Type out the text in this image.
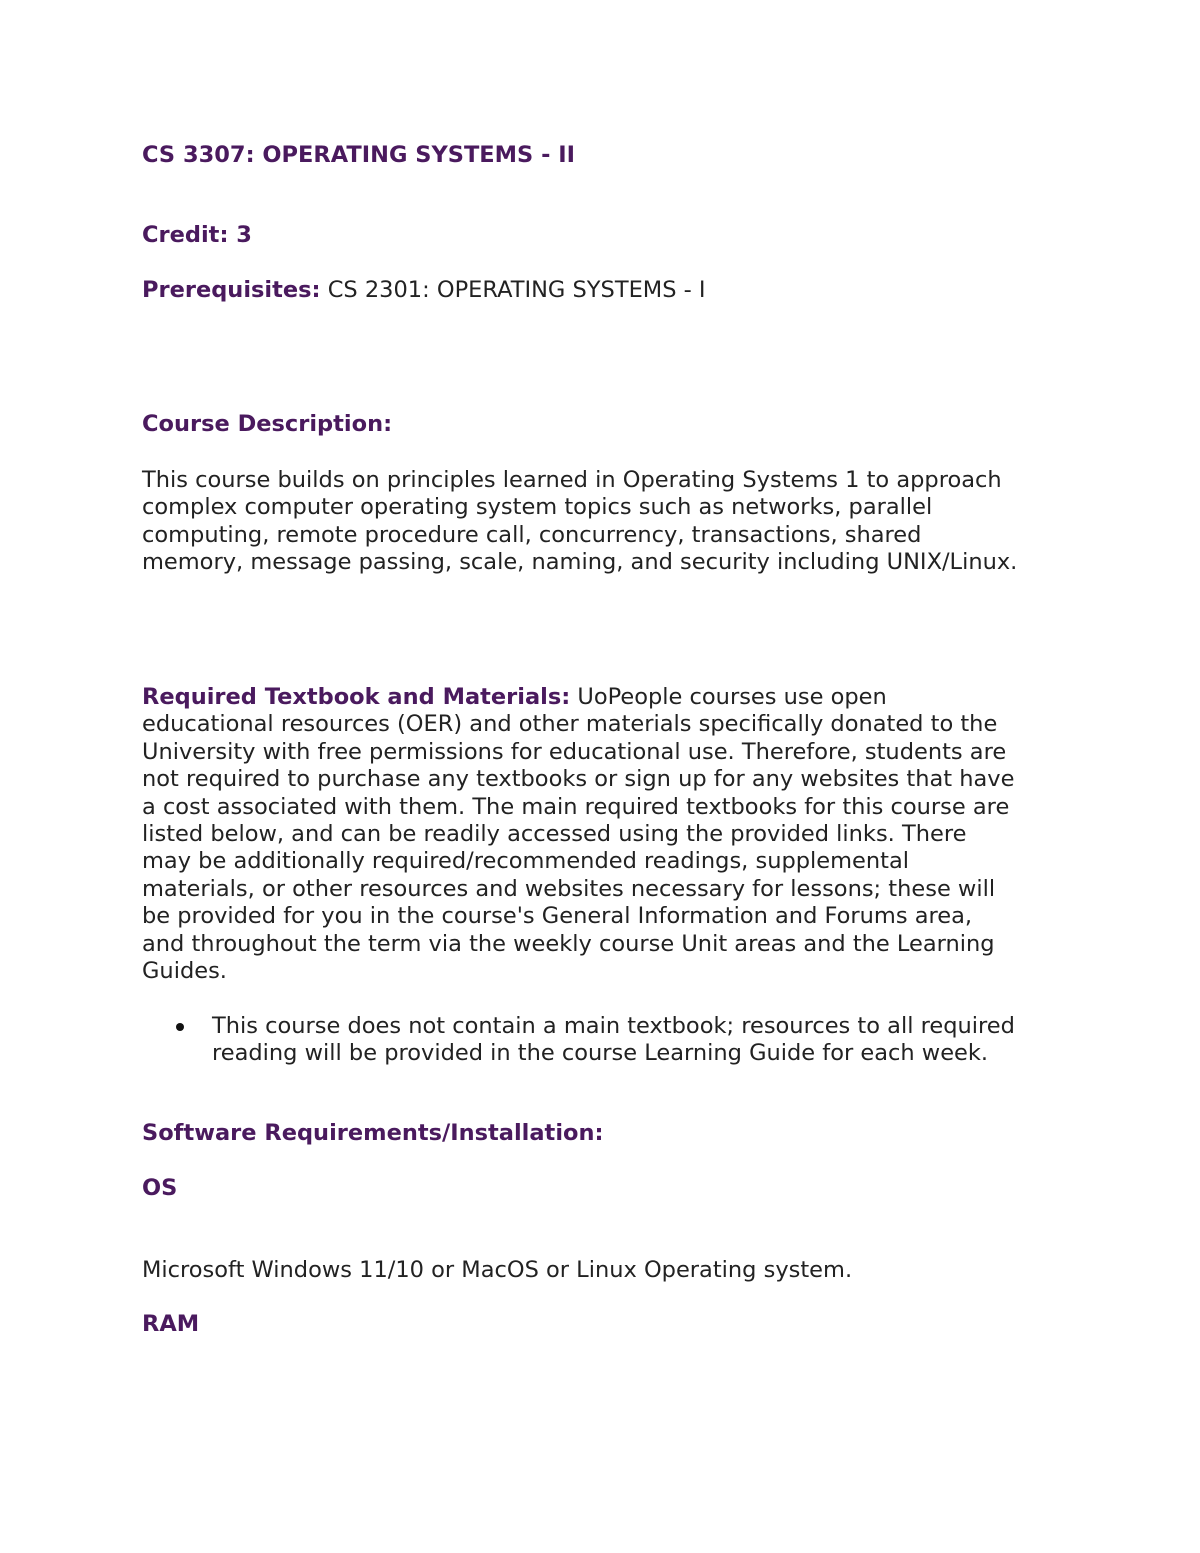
CS 3307: OPERATING SYSTEMS - II
Credit: 3
Prerequisites: CS 2301: OPERATING SYSTEMS - I
Course Description:
This course builds on principles learned in Operating Systems 1 to approach
complex computer operating system topics such as networks, parallel
computing, remote procedure call, concurrency, transactions, shared
memory, message passing, scale, naming, and security including UNIX/Linux.
Required Textbook and Materials: UoPeople courses use open
educational resources (OER) and other materials specifically donated to the
University with free permissions for educational use. Therefore, students are
not required to purchase any textbooks or sign up for any websites that have
a cost associated with them. The main required textbooks for this course are
listed below, and can be readily accessed using the provided links. There
may be additionally required/recommended readings, supplemental
materials, or other resources and websites necessary for lessons; these will
be provided for you in the course's General Information and Forums area,
and throughout the term via the weekly course Unit areas and the Learning
Guides.
This course does not contain a main textbook; resources to all required
reading will be provided in the course Learning Guide for each week.
Software Requirements/Installation:
OS
Microsoft Windows 11/10 or MacOS or Linux Operating system.
RAM
